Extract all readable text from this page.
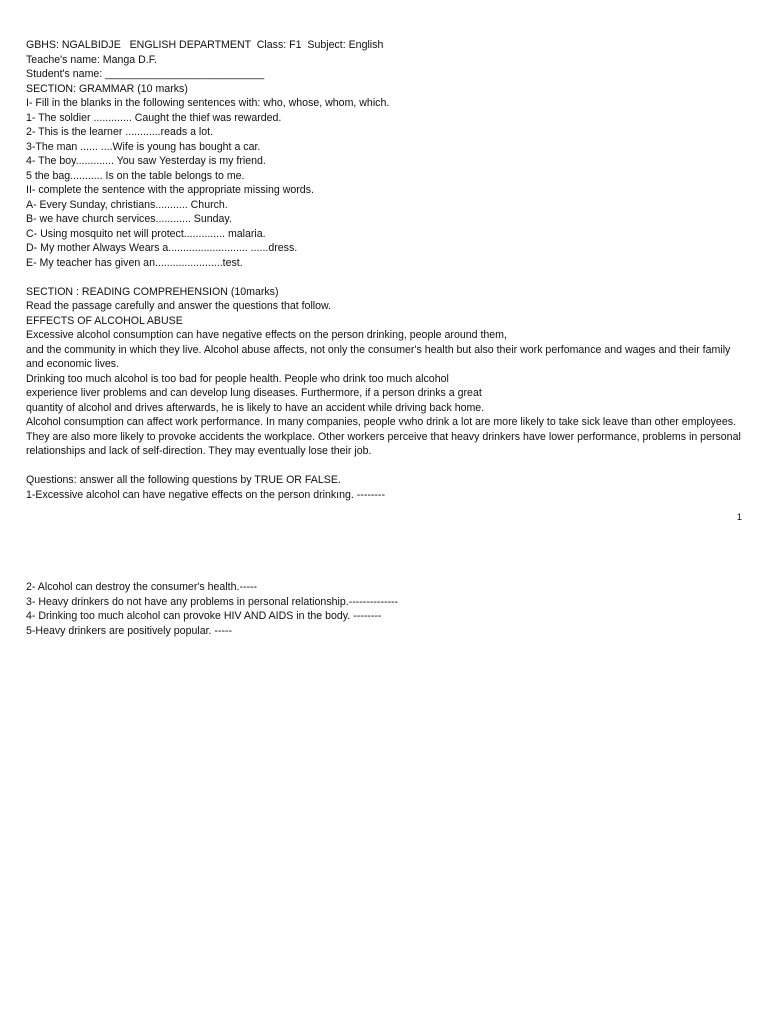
GBHS: NGALBIDJE   ENGLISH DEPARTMENT  Class: F1  Subject: English
Teache's name: Manga D.F.
Student's name: ___________________________
SECTION: GRAMMAR (10 marks)
I- Fill in the blanks in the following sentences with: who, whose, whom, which.
1- The soldier ............. Caught the thief was rewarded.
2- This is the learner ............reads a lot.
3-The man ...... ....Wife is young has bought a car.
4- The boy............. You saw Yesterday is my friend.
5 the bag........... Is on the table belongs to me.
II- complete the sentence with the appropriate missing words.
A- Every Sunday, christians........... Church.
B- we have church services............ Sunday.
C- Using mosquito net will protect.............. malaria.
D- My mother Always Wears a........................... ......dress.
E- My teacher has given an.......................test.
SECTION : READING COMPREHENSION (10marks)
Read the passage carefully and answer the questions that follow.
EFFECTS OF ALCOHOL ABUSE
Excessive alcohol consumption can have negative effects on the person drinking, people around them,
and the community in which they live. Alcohol abuse affects, not only the consumer's health but also their work perfomance and wages and their family and economic lives.
Drinking too much alcohol is too bad for people health. People who drink too much alcohol
experience liver problems and can develop lung diseases. Furthermore, if a person drinks a great
quantity of alcohol and drives afterwards, he is likely to have an accident while driving back home.
Alcohol consumption can affect work performance. In many companies, people vwho drink a lot are more likely to take sick leave than other employees. They are also more likely to provoke accidents the workplace. Other workers perceive that heavy drinkers have lower performance, problems in personal relationships and lack of self-direction. They may eventually lose their job.
Questions: answer all the following questions by TRUE OR FALSE.
1-Excessive alcohol can have negative effects on the person drinkıng. --------
1
2- Alcohol can destroy the consumer's health.-----
3- Heavy drinkers do not have any problems in personal relationship.--------------
4- Drinking too much alcohol can provoke HIV AND AIDS in the body. --------
5-Heavy drinkers are positively popular. -----
